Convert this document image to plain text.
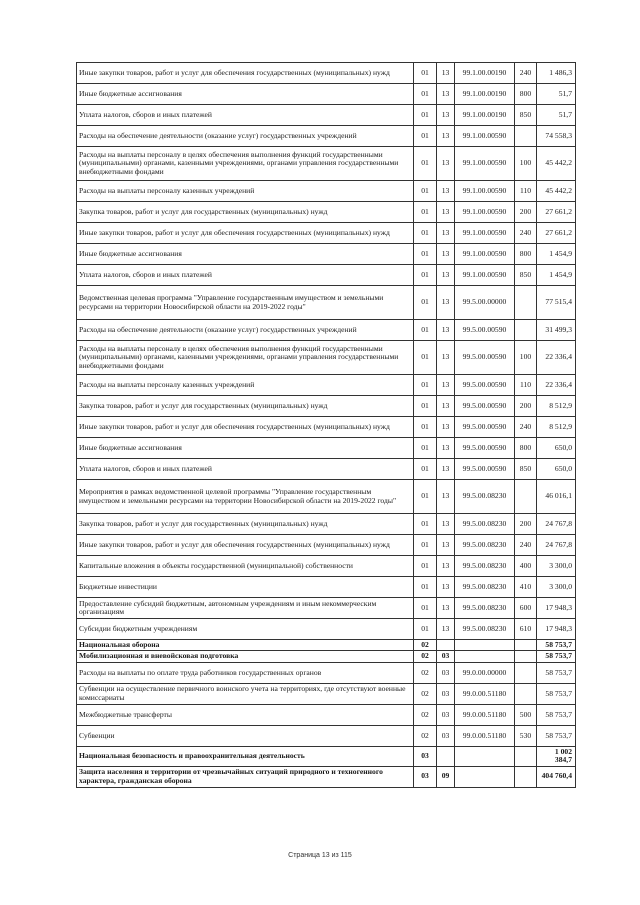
Иные закупки товаров, работ и услуг для обеспечения государственных (муниципальных) нужд	01	13	99.1.00.00190	240	1 486,3
Иные бюджетные ассигнования	01	13	99.1.00.00190	800	51,7
Уплата налогов, сборов и иных платежей	01	13	99.1.00.00190	850	51,7
Расходы на обеспечение деятельности (оказание услуг) государственных учреждений	01	13	99.1.00.00590		74 558,3
Расходы на выплаты персоналу в целях обеспечения выполнения функций государственными (муниципальными) органами, казенными учреждениями, органами управления государственными внебюджетными фондами	01	13	99.1.00.00590	100	45 442,2
Расходы на выплаты персоналу казенных учреждений	01	13	99.1.00.00590	110	45 442,2
Закупка товаров, работ и услуг для государственных (муниципальных) нужд	01	13	99.1.00.00590	200	27 661,2
Иные закупки товаров, работ и услуг для обеспечения государственных (муниципальных) нужд	01	13	99.1.00.00590	240	27 661,2
Иные бюджетные ассигнования	01	13	99.1.00.00590	800	1 454,9
Уплата налогов, сборов и иных платежей	01	13	99.1.00.00590	850	1 454,9
Ведомственная целевая программа "Управление государственным имуществом и земельными ресурсами на территории Новосибирской области на 2019-2022 годы"	01	13	99.5.00.00000		77 515,4
Расходы на обеспечение деятельности (оказание услуг) государственных учреждений	01	13	99.5.00.00590		31 499,3
Расходы на выплаты персоналу в целях обеспечения выполнения функций государственными (муниципальными) органами, казенными учреждениями, органами управления государственными внебюджетными фондами	01	13	99.5.00.00590	100	22 336,4
Расходы на выплаты персоналу казенных учреждений	01	13	99.5.00.00590	110	22 336,4
Закупка товаров, работ и услуг для государственных (муниципальных) нужд	01	13	99.5.00.00590	200	8 512,9
Иные закупки товаров, работ и услуг для обеспечения государственных (муниципальных) нужд	01	13	99.5.00.00590	240	8 512,9
Иные бюджетные ассигнования	01	13	99.5.00.00590	800	650,0
Уплата налогов, сборов и иных платежей	01	13	99.5.00.00590	850	650,0
Мероприятия в рамках ведомственной целевой программы "Управление государственным имуществом и земельными ресурсами на территории Новосибирской области на 2019-2022 годы"	01	13	99.5.00.08230		46 016,1
Закупка товаров, работ и услуг для государственных (муниципальных) нужд	01	13	99.5.00.08230	200	24 767,8
Иные закупки товаров, работ и услуг для обеспечения государственных (муниципальных) нужд	01	13	99.5.00.08230	240	24 767,8
Капитальные вложения в объекты государственной (муниципальной) собственности	01	13	99.5.00.08230	400	3 300,0
Бюджетные инвестиции	01	13	99.5.00.08230	410	3 300,0
Предоставление субсидий бюджетным, автономным учреждениям и иным некоммерческим организациям	01	13	99.5.00.08230	600	17 948,3
Субсидии бюджетным учреждениям	01	13	99.5.00.08230	610	17 948,3
Национальная оборона	02				58 753,7
Мобилизационная и вневойсковая подготовка	02	03			58 753,7
Расходы на выплаты по оплате труда работников государственных органов	02	03	99.0.00.00000		58 753,7
Субвенции на осуществление первичного воинского учета на территориях, где отсутствуют военные комиссариаты	02	03	99.0.00.51180		58 753,7
Межбюджетные трансферты	02	03	99.0.00.51180	500	58 753,7
Субвенции	02	03	99.0.00.51180	530	58 753,7
Национальная безопасность и правоохранительная деятельность	03				1 002 384,7
Защита населения и территории от чрезвычайных ситуаций природного и техногенного характера, гражданская оборона	03	09			404 760,4
Страница 13 из 115
